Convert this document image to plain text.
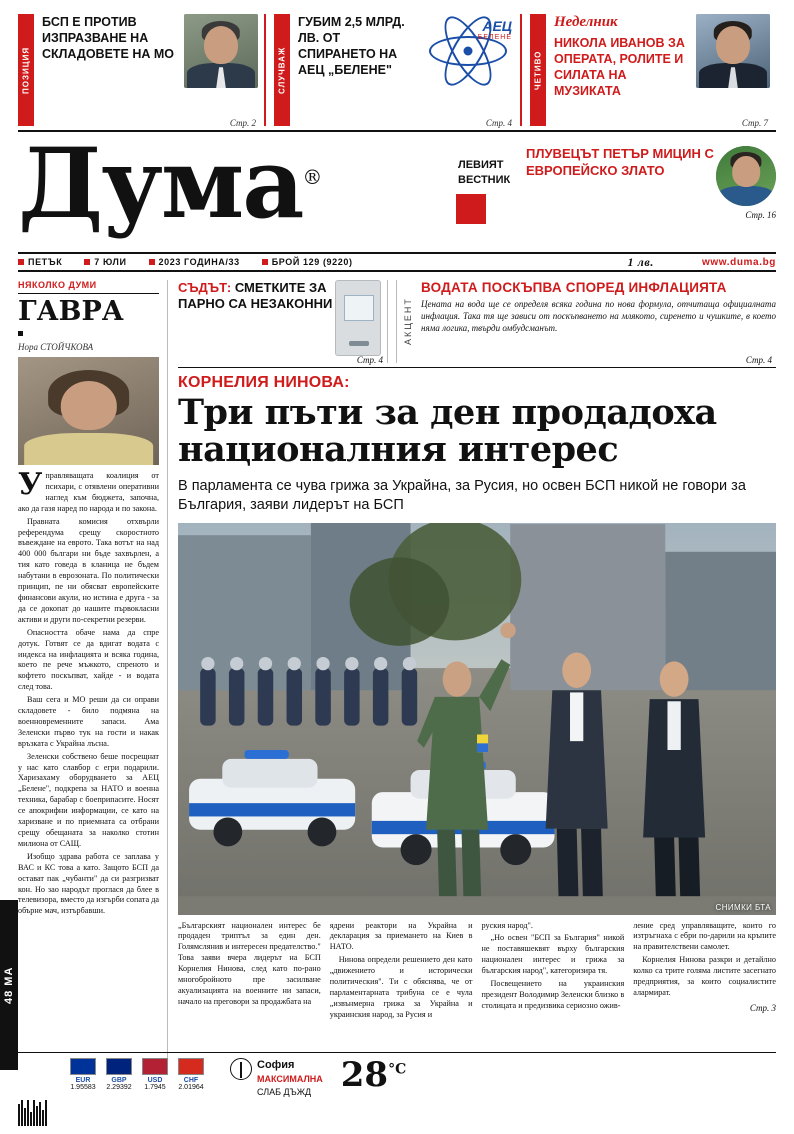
ПОЗИЦИЯ
БСП Е ПРОТИВ ИЗПРАЗВАНЕ НА СКЛАДОВЕТЕ НА МО
Стр. 2
СЛУЧВАЖ
ГУБИМ 2,5 МЛРД. ЛВ. ОТ СПИРАНЕТО НА АЕЦ „БЕЛЕНЕ"
АЕЦ
БЕЛЕНЕ
Стр. 4
ЧЕТИВО
Неделник
НИКОЛА ИВАНОВ ЗА ОПЕРАТА, РОЛИТЕ И СИЛАТА НА МУЗИКАТА
Стр. 7
Дума®	ЛЕВИЯТ
ВЕСТНИК
ПЛУВЕЦЪТ ПЕТЪР МИЦИН С ЕВРОПЕЙСКО ЗЛАТО
Стр. 16
ПЕТЪК	7 ЮЛИ	2023 ГОДИНА/33	БРОЙ 129 (9220)	1 лв.	www.duma.bg
НЯКОЛКО ДУМИ
ГАВРА
Нора СТОЙЧКОВА

Управляващата коалиция от психари, с отявлени оперативни наглед към бюджета, започна, ако да газя наред по народа и по закона.

Правната комисия отхвърли референдума срещу скоростното въвеждане на еврото. Така вотът на над 400 000 българи ни бъде захвърлен, а тия като говеда в кланица не бъдем набутани в еврозоната. По политически принцип, пе ни обясват европейските финансови акули, но истина е друга - за да се докопат до нашите първокласни активи и други по-секретни резерви.

Опасността обаче нама да спре дотук. Готвят се да вдигат водата с индекса на инфлацията и всяка година, което пе рече мъжкото, спреното и кофтето поскъпват, хайде - и водата след това.

Ваш сега и МО реши да си оправи складовете - било подмяна на военновременните запаси. Ама Зеленски първо тук на гости и накак връзката с Украйна лъсна.

Зеленски собствено беше посрещнат у нас като славбор с егри подарили. Харизахаму оборудването за АЕЦ „Белене", подкрепа за НАТО и военна техника, барабар с боеприпасите. Носят се апокрифни информации, се като на харизване и по приемната са отбрани срещу обещаната за наколко стотин милиона от САЩ.

Изобщо здрава работа се заплава у ВАС и КС това а като. Защото БСП да остават пак „чубанти" да си разгризват кон. Но зао народът проглася да блее в телевизора, вместо да изгърби сопата да обърне мач, изтърбавши.

48 МА
СЪДЪТ: СМЕТКИТЕ ЗА ПАРНО СА НЕЗАКОННИ
Стр. 4
АКЦЕНТ
ВОДАТА ПОСКЪПВА СПОРЕД ИНФЛАЦИЯТА
Цената на вода ще се определя всяка година по нова формула, отчитаща официалната инфлация. Така тя ще зависи от поскъпването на млякото, сиренето и чушките, в което няма логика, твърди омбудсманът.
Стр. 4
КОРНЕЛИЯ НИНОВА:
Три пъти за ден продадоха националния интерес
В парламента се чува грижа за Украйна, за Русия, но освен БСП никой не говори за България, заяви лидерът на БСП
СНИМКИ БТА

„Българският национален интерес бе продаден триптъл за един ден. Голямслянив и интересен предателство." Това заяви вчера лидерът на БСП Корнелия Нинова, след като по-рано многобройното пре засилване акуализацията на военните ни запаси, начало на преговори за продажбата на

ядрени реактори на Украйна и декларация за приемането на Киев в НАТО.

Нинова определи решението ден като „движението и исторически политическия". Ти с обяснява, че от парламентарната трибуна се е чула „извънмерна грижа за Украйна и украинския народ, за Русия и

руския народ".

„Но освен "БСП за България" никой не поставяшеквят върху българския национален интерес и грижа за българския народ", категоризира тя.

Посвещението на украинския президент Володимир Зеленски близко в столицата и предизвика сериозно ожив-

ление сред управляващите, които го изтръгнаха с ебри по-дарили на кръпите на правителствени самолет.

Корнелия Нинова разкри и детайлно колко са трите голяма листите засегнато предприятия, за които социалистите алармират.

Стр. 3
EUR
1.95583
GBP
2.29392
USD
1.7945
CHF
2.01964
София
МАКСИМАЛНА
СЛАБ ДЪЖД $28^{^\circ C}$
